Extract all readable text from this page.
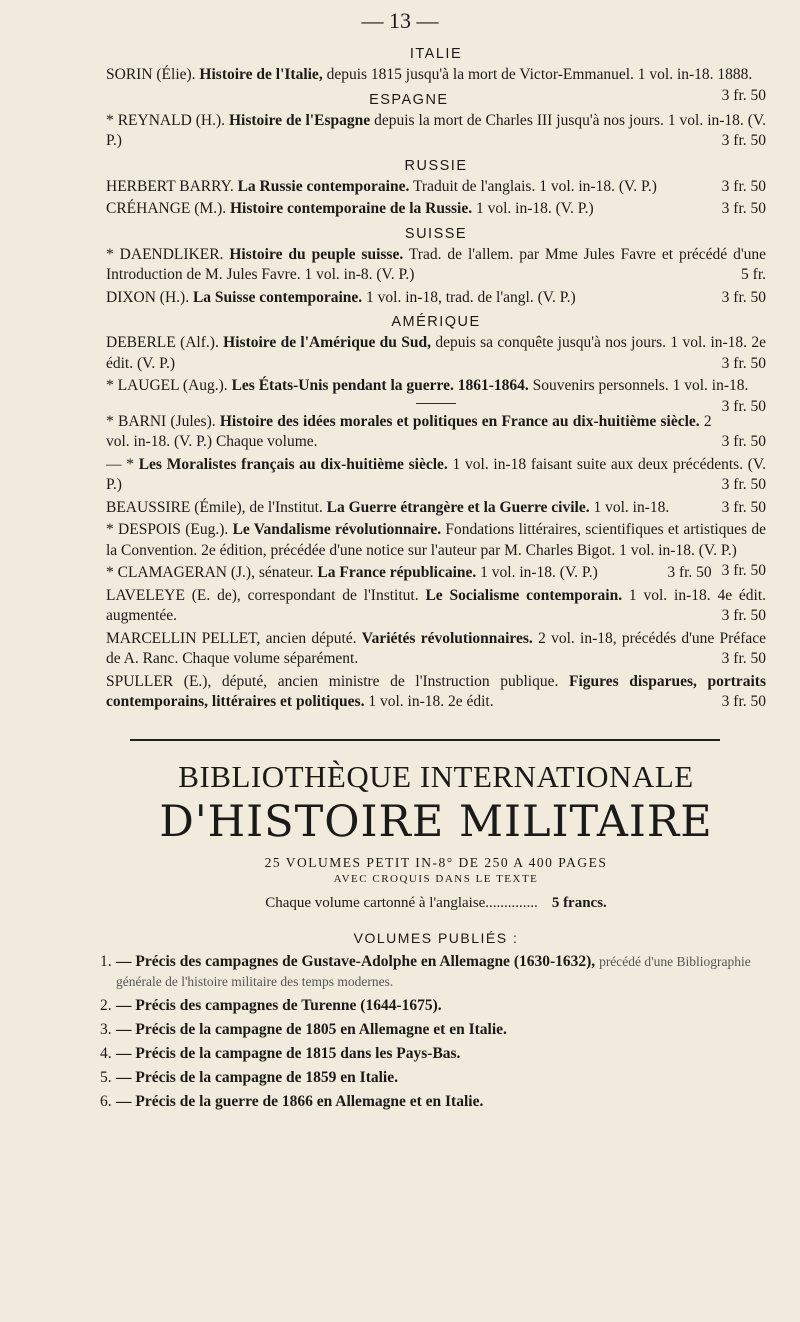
— 13 —
ITALIE

SORIN (Élie). Histoire de l'Italie, depuis 1815 jusqu'à la mort de Victor-Emmanuel. 1 vol. in-18. 1888.
3 fr. 50

ESPAGNE

* REYNALD (H.). Histoire de l'Espagne depuis la mort de Charles III jusqu'à nos jours. 1 vol. in-18. (V. P.)	3 fr. 50

RUSSIE

HERBERT BARRY. La Russie contemporaine. Traduit de l'anglais. 1 vol. in-18. (V. P.)	3 fr. 50

CRÉHANGE (M.). Histoire contemporaine de la Russie. 1 vol. in-18. (V. P.)	3 fr. 50

SUISSE

* DAENDLIKER. Histoire du peuple suisse. Trad. de l'allem. par Mme Jules Favre et précédé d'une Introduction de M. Jules Favre. 1 vol. in-8. (V. P.)	5 fr.

DIXON (H.). La Suisse contemporaine. 1 vol. in-18, trad. de l'angl. (V. P.)	3 fr. 50

AMÉRIQUE

DEBERLE (Alf.). Histoire de l'Amérique du Sud, depuis sa conquête jusqu'à nos jours. 1 vol. in-18. 2e édit. (V. P.)	3 fr. 50

* LAUGEL (Aug.). Les États-Unis pendant la guerre. 1861-1864. Souvenirs personnels. 1 vol. in-18.
3 fr. 50

* BARNI (Jules). Histoire des idées morales et politiques en France au dix-huitième siècle. 2 vol. in-18. (V. P.) Chaque volume.	3 fr. 50

— * Les Moralistes français au dix-huitième siècle. 1 vol. in-18 faisant suite aux deux précédents. (V. P.)	3 fr. 50

BEAUSSIRE (Émile), de l'Institut. La Guerre étrangère et la Guerre civile. 1 vol. in-18.	3 fr. 50

* DESPOIS (Eug.). Le Vandalisme révolutionnaire. Fondations littéraires, scientifiques et artistiques de la Convention. 2e édition, précédée d'une notice sur l'auteur par M. Charles Bigot. 1 vol. in-18. (V. P.)
3 fr. 50

* CLAMAGERAN (J.), sénateur. La France républicaine. 1 vol. in-18. (V. P.)	3 fr. 50

LAVELEYE (E. de), correspondant de l'Institut. Le Socialisme contemporain. 1 vol. in-18. 4e édit. augmentée.	3 fr. 50

MARCELLIN PELLET, ancien député. Variétés révolutionnaires. 2 vol. in-18, précédés d'une Préface de A. Ranc. Chaque volume séparément.	3 fr. 50

SPULLER (E.), député, ancien ministre de l'Instruction publique. Figures disparues, portraits contemporains, littéraires et politiques. 1 vol. in-18. 2e édit.	3 fr. 50

BIBLIOTHÈQUE INTERNATIONALE
D'HISTOIRE MILITAIRE
25 VOLUMES PETIT IN-8° DE 250 A 400 PAGES
AVEC CROQUIS DANS LE TEXTE
Chaque volume cartonné à l'anglaise.............. 5 francs.
VOLUMES PUBLIÉS :

1. — Précis des campagnes de Gustave-Adolphe en Allemagne (1630-1632), précédé d'une Bibliographie générale de l'histoire militaire des temps modernes.

2. — Précis des campagnes de Turenne (1644-1675).

3. — Précis de la campagne de 1805 en Allemagne et en Italie.

4. — Précis de la campagne de 1815 dans les Pays-Bas.

5. — Précis de la campagne de 1859 en Italie.

6. — Précis de la guerre de 1866 en Allemagne et en Italie.
